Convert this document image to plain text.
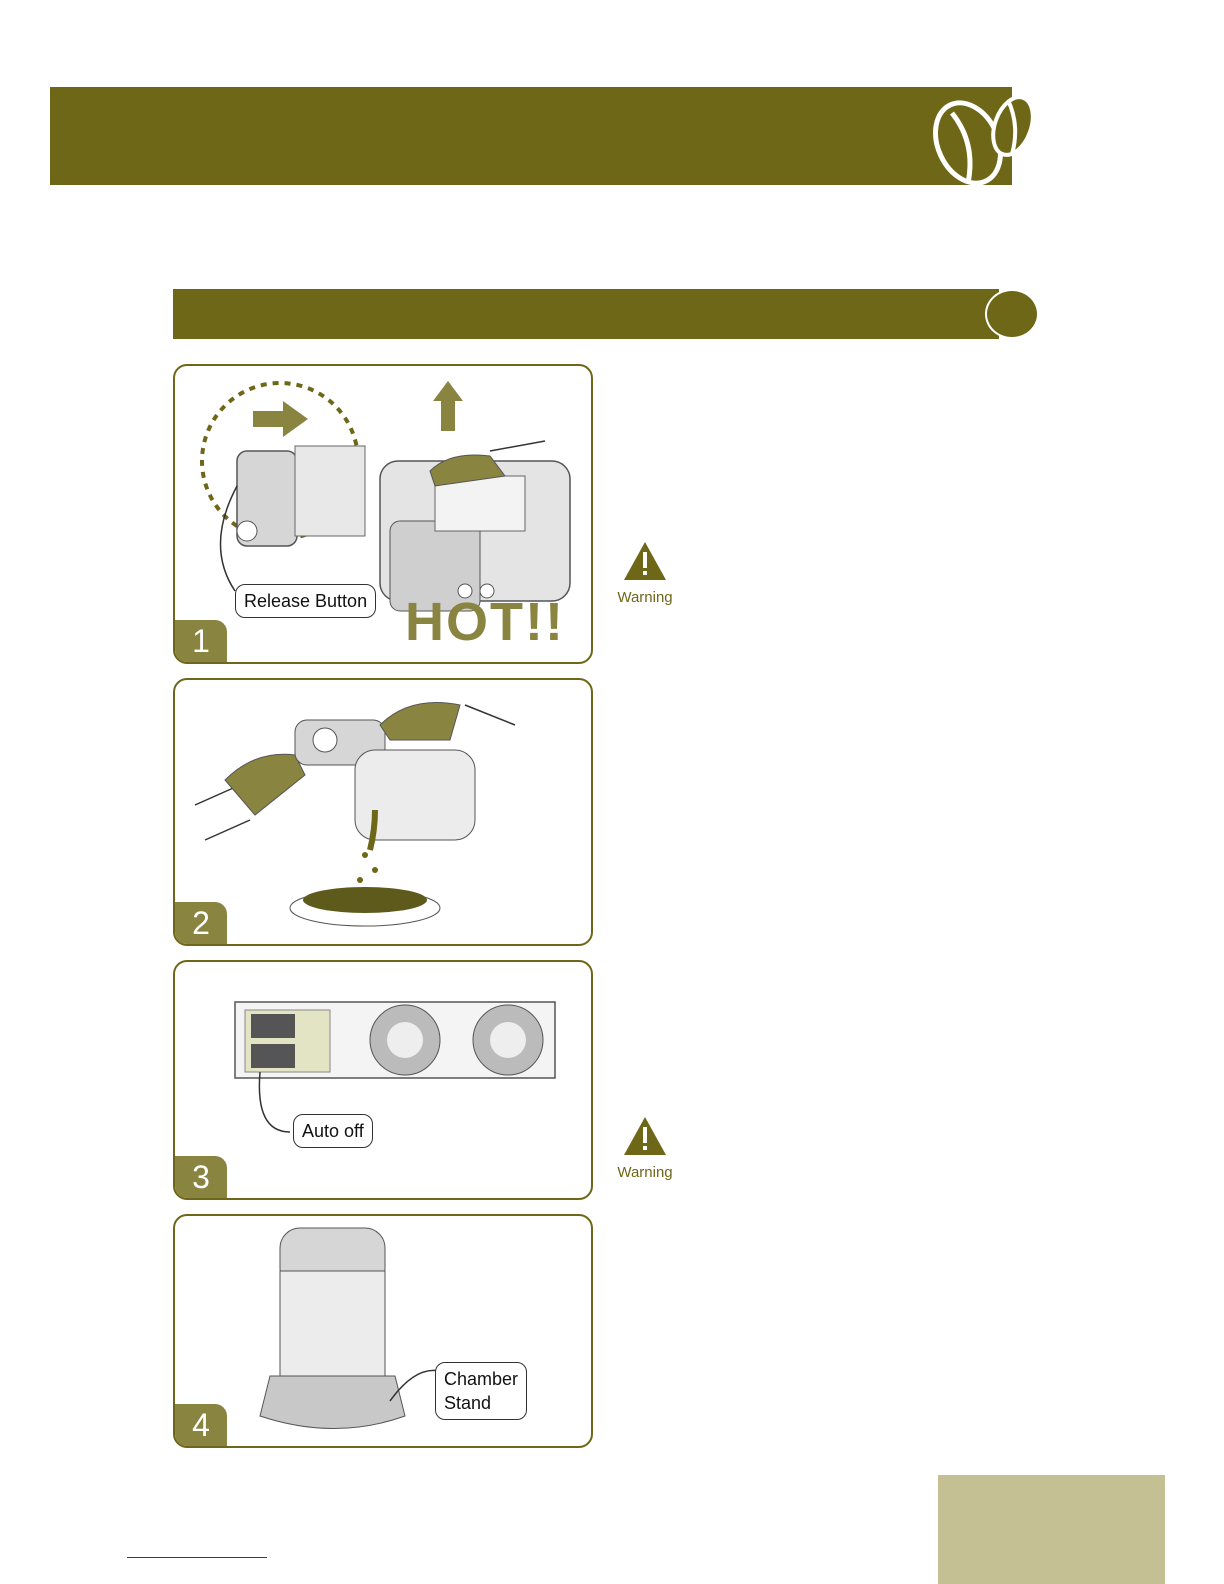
Release Button HOT!!
1
2
Auto off
3
Chamber
Stand
4
Warning
Warning
